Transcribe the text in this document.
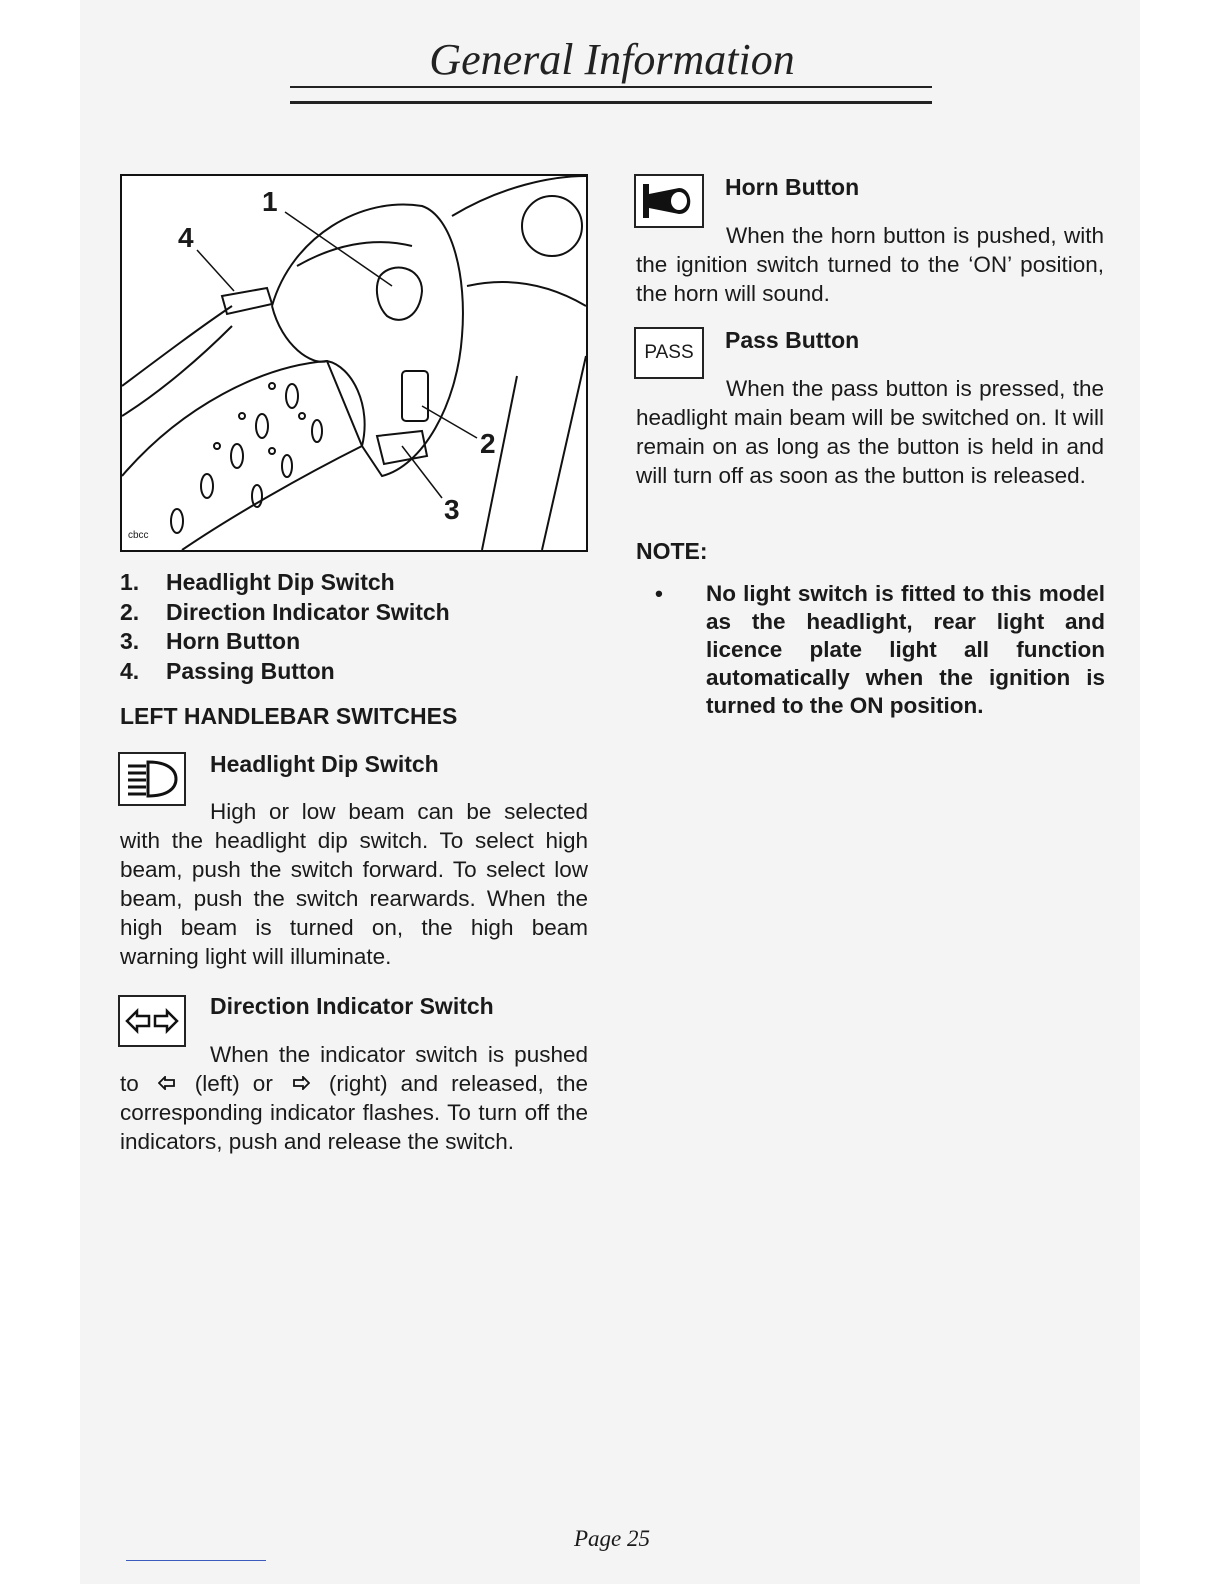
General Information
1
4
2
3
cbcc
1.	Headlight Dip Switch
2.	Direction Indicator Switch
3.	Horn Button
4.	Passing Button
LEFT HANDLEBAR SWITCHES
Headlight Dip Switch
High or low beam can be selected with the headlight dip switch. To select high beam, push the switch forward. To select low beam, push the switch rearwards. When the high beam is turned on, the high beam warning light will illuminate.
Direction Indicator Switch
When the indicator switch is pushed to (left) or (right) and released, the corresponding indicator flashes. To turn off the indicators, push and release the switch.
Horn Button
When the horn button is pushed, with the ignition switch turned to the ‘ON’ position, the horn will sound.
PASS Pass Button
When the pass button is pressed, the headlight main beam will be switched on. It will remain on as long as the button is held in and will turn off as soon as the button is released.
NOTE:
•	No light switch is fitted to this model as the headlight, rear light and licence plate light all function automatically when the ignition is turned to the ON position.
Page 25
